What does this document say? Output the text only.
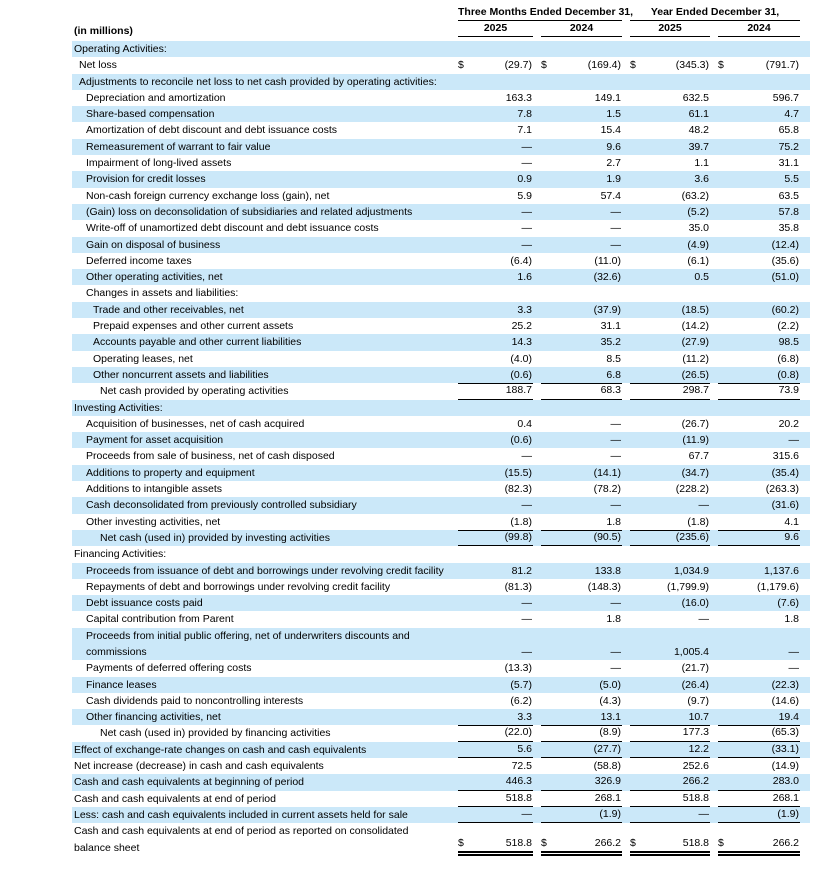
	Three Months Ended December 31,		Year Ended December 31,		

(in millions)	2025	2024	2025	2024	

Operating Activities:	

Net loss	$ (29.7)	$ (169.4)	$ (345.3)	$ (791.7)	

Adjustments to reconcile net loss to net cash provided by operating activities:	

Depreciation and amortization	163.3	149.1	632.5	596.7	

Share-based compensation	7.8	1.5	61.1	4.7	

Amortization of debt discount and debt issuance costs	7.1	15.4	48.2	65.8	

Remeasurement of warrant to fair value	—	9.6	39.7	75.2	

Impairment of long-lived assets	—	2.7	1.1	31.1	

Provision for credit losses	0.9	1.9	3.6	5.5	

Non-cash foreign currency exchange loss (gain), net	5.9	57.4	(63.2)	63.5	

(Gain) loss on deconsolidation of subsidiaries and related adjustments	—	—	(5.2)	57.8	

Write-off of unamortized debt discount and debt issuance costs	—	—	35.0	35.8	

Gain on disposal of business	—	—	(4.9)	(12.4)	

Deferred income taxes	(6.4)	(11.0)	(6.1)	(35.6)	

Other operating activities, net	1.6	(32.6)	0.5	(51.0)	

Changes in assets and liabilities:	

Trade and other receivables, net	3.3	(37.9)	(18.5)	(60.2)	

Prepaid expenses and other current assets	25.2	31.1	(14.2)	(2.2)	

Accounts payable and other current liabilities	14.3	35.2	(27.9)	98.5	

Operating leases, net	(4.0)	8.5	(11.2)	(6.8)	

Other noncurrent assets and liabilities	(0.6)	6.8	(26.5)	(0.8)	

Net cash provided by operating activities	188.7	68.3	298.7	73.9	

Investing Activities:	

Acquisition of businesses, net of cash acquired	0.4	—	(26.7)	20.2	

Payment for asset acquisition	(0.6)	—	(11.9)	—	

Proceeds from sale of business, net of cash disposed	—	—	67.7	315.6	

Additions to property and equipment	(15.5)	(14.1)	(34.7)	(35.4)	

Additions to intangible assets	(82.3)	(78.2)	(228.2)	(263.3)	

Cash deconsolidated from previously controlled subsidiary	—	—	—	(31.6)	

Other investing activities, net	(1.8)	1.8	(1.8)	4.1	

Net cash (used in) provided by investing activities	(99.8)	(90.5)	(235.6)	9.6	

Financing Activities:	

Proceeds from issuance of debt and borrowings under revolving credit facility	81.2	133.8	1,034.9	1,137.6	

Repayments of debt and borrowings under revolving credit facility	(81.3)	(148.3)	(1,799.9)	(1,179.6)	

Debt issuance costs paid	—	—	(16.0)	(7.6)	

Capital contribution from Parent	—	1.8	—	1.8	

Proceeds from initial public offering, net of underwriters discounts and commissions	—	—	1,005.4	—	

Payments of deferred offering costs	(13.3)	—	(21.7)	—	

Finance leases	(5.7)	(5.0)	(26.4)	(22.3)	

Cash dividends paid to noncontrolling interests	(6.2)	(4.3)	(9.7)	(14.6)	

Other financing activities, net	3.3	13.1	10.7	19.4	

Net cash (used in) provided by financing activities	(22.0)	(8.9)	177.3	(65.3)	

Effect of exchange-rate changes on cash and cash equivalents	5.6	(27.7)	12.2	(33.1)	

Net increase (decrease) in cash and cash equivalents	72.5	(58.8)	252.6	(14.9)	

Cash and cash equivalents at beginning of period	446.3	326.9	266.2	283.0	

Cash and cash equivalents at end of period	518.8	268.1	518.8	268.1	

Less: cash and cash equivalents included in current assets held for sale	—	(1.9)	—	(1.9)	

Cash and cash equivalents at end of period as reported on consolidated balance sheet	$ 518.8	$ 266.2	$ 518.8	$ 266.2	
